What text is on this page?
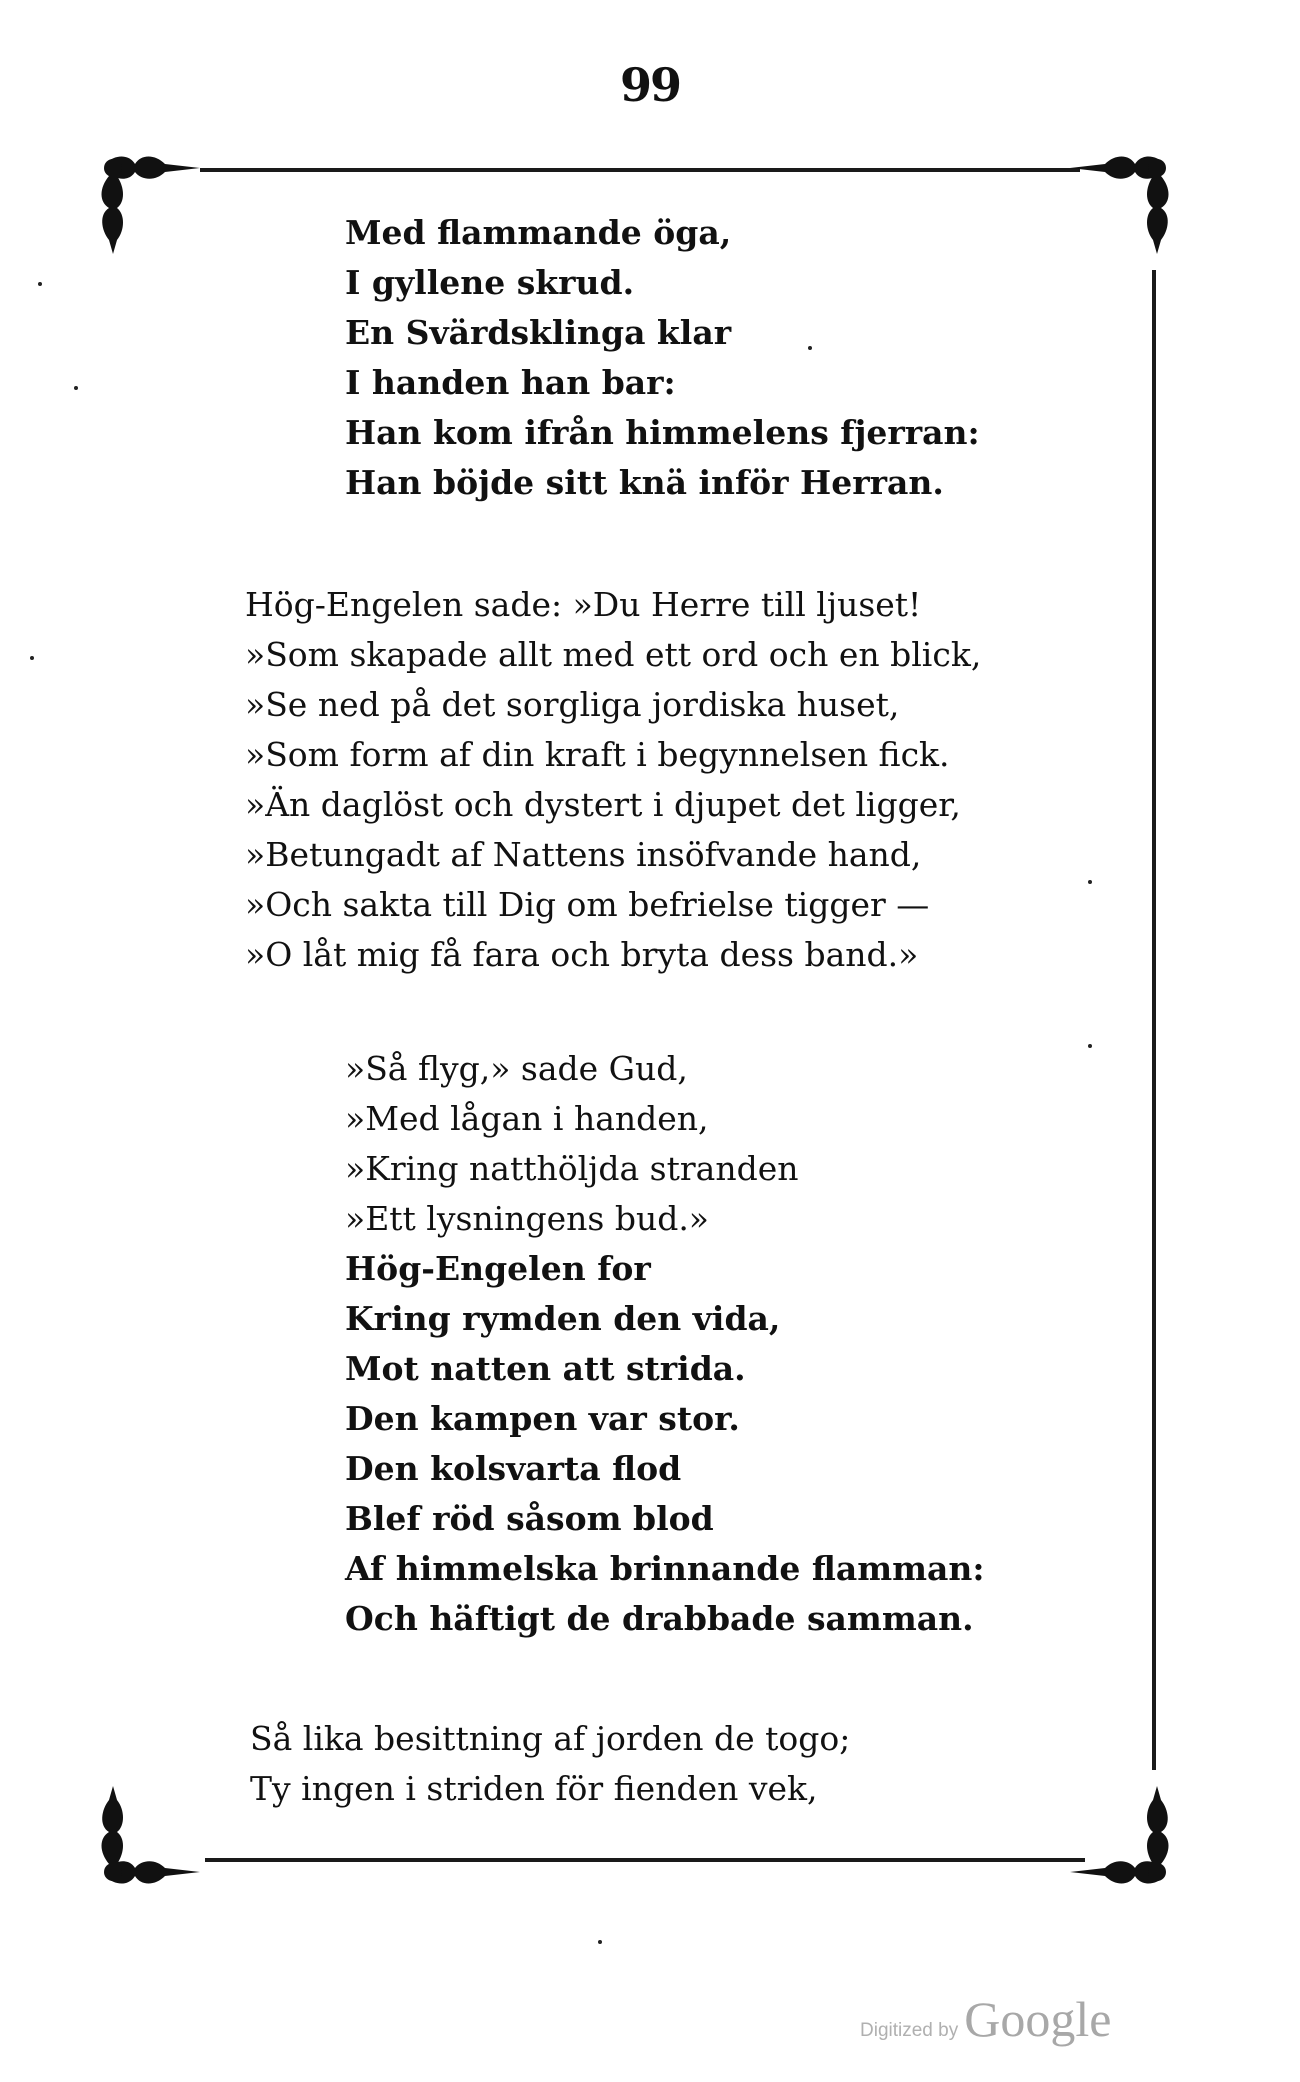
99
Med flammande öga,
I gyllene skrud.
En Svärdsklinga klar
I handen han bar:
Han kom ifrån himmelens fjerran:
Han böjde sitt knä inför Herran.
Hög-Engelen sade: »Du Herre till ljuset!
»Som skapade allt med ett ord och en blick,
»Se ned på det sorgliga jordiska huset,
»Som form af din kraft i begynnelsen fick.
»Än daglöst och dystert i djupet det ligger,
»Betungadt af Nattens insöfvande hand,
»Och sakta till Dig om befrielse tigger —
»O låt mig få fara och bryta dess band.»
»Så flyg,» sade Gud,
»Med lågan i handen,
»Kring natthöljda stranden
»Ett lysningens bud.»
Hög-Engelen for
Kring rymden den vida,
Mot natten att strida.
Den kampen var stor.
Den kolsvarta flod
Blef röd såsom blod
Af himmelska brinnande flamman:
Och häftigt de drabbade samman.
Så lika besittning af jorden de togo;
Ty ingen i striden för fienden vek,
Digitized by Google
